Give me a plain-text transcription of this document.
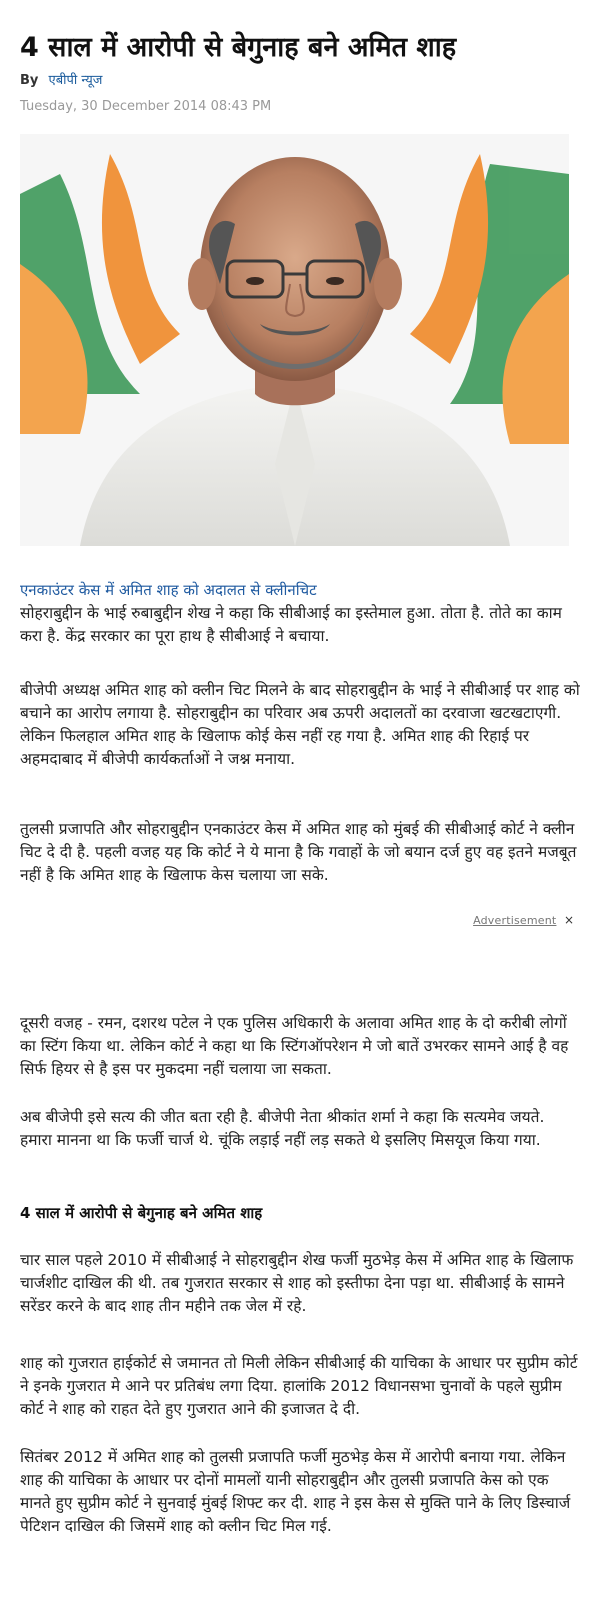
4 साल में आरोपी से बेगुनाह बने अमित शाह
By एबीपी न्यूज
Tuesday, 30 December 2014 08:43 PM
एनकाउंटर केस में अमित शाह को अदालत से क्लीनचिट

सोहराबुद्दीन के भाई रुबाबुद्दीन शेख ने कहा कि सीबीआई का इस्तेमाल हुआ. तोता है. तोते का काम करा है. केंद्र सरकार का पूरा हाथ है सीबीआई ने बचाया.

बीजेपी अध्यक्ष अमित शाह को क्लीन चिट मिलने के बाद सोहराबुद्दीन के भाई ने सीबीआई पर शाह को बचाने का आरोप लगाया है. सोहराबुद्दीन का परिवार अब ऊपरी अदालतों का दरवाजा खटखटाएगी. लेकिन फिलहाल अमित शाह के खिलाफ कोई केस नहीं रह गया है. अमित शाह की रिहाई पर अहमदाबाद में बीजेपी कार्यकर्ताओं ने जश्न मनाया.

तुलसी प्रजापति और सोहराबुद्दीन एनकाउंटर केस में अमित शाह को मुंबई की सीबीआई कोर्ट ने क्लीन चिट दे दी है. पहली वजह यह कि कोर्ट ने ये माना है कि गवाहों के जो बयान दर्ज हुए वह इतने मजबूत नहीं है कि अमित शाह के खिलाफ केस चलाया जा सके.

Advertisement ×

दूसरी वजह - रमन, दशरथ पटेल ने एक पुलिस अधिकारी के अलावा अमित शाह के दो करीबी लोगों का स्टिंग किया था. लेकिन कोर्ट ने कहा था कि स्टिंगऑपरेशन मे जो बातें उभरकर सामने आई है वह सिर्फ हियर से है इस पर मुकदमा नहीं चलाया जा सकता.

अब बीजेपी इसे सत्य की जीत बता रही है. बीजेपी नेता श्रीकांत शर्मा ने कहा कि सत्यमेव जयते. हमारा मानना था कि फर्जी चार्ज थे. चूंकि लड़ाई नहीं लड़ सकते थे इसलिए मिसयूज किया गया.

4 साल में आरोपी से बेगुनाह बने अमित शाह

चार साल पहले 2010 में सीबीआई ने सोहराबुद्दीन शेख फर्जी मुठभेड़ केस में अमित शाह के खिलाफ चार्जशीट दाखिल की थी. तब गुजरात सरकार से शाह को इस्तीफा देना पड़ा था. सीबीआई के सामने सरेंडर करने के बाद शाह तीन महीने तक जेल में रहे.

शाह को गुजरात हाईकोर्ट से जमानत तो मिली लेकिन सीबीआई की याचिका के आधार पर सुप्रीम कोर्ट ने इनके गुजरात मे आने पर प्रतिबंध लगा दिया. हालांकि 2012 विधानसभा चुनावों के पहले सुप्रीम कोर्ट ने शाह को राहत देते हुए गुजरात आने की इजाजत दे दी.

सितंबर 2012 में अमित शाह को तुलसी प्रजापति फर्जी मुठभेड़ केस में आरोपी बनाया गया. लेकिन शाह की याचिका के आधार पर दोनों मामलों यानी सोहराबुद्दीन और तुलसी प्रजापति केस को एक मानते हुए सुप्रीम कोर्ट ने सुनवाई मुंबई शिफ्ट कर दी. शाह ने इस केस से मुक्ति पाने के लिए डिस्चार्ज पेटिशन दाखिल की जिसमें शाह को क्लीन चिट मिल गई.
